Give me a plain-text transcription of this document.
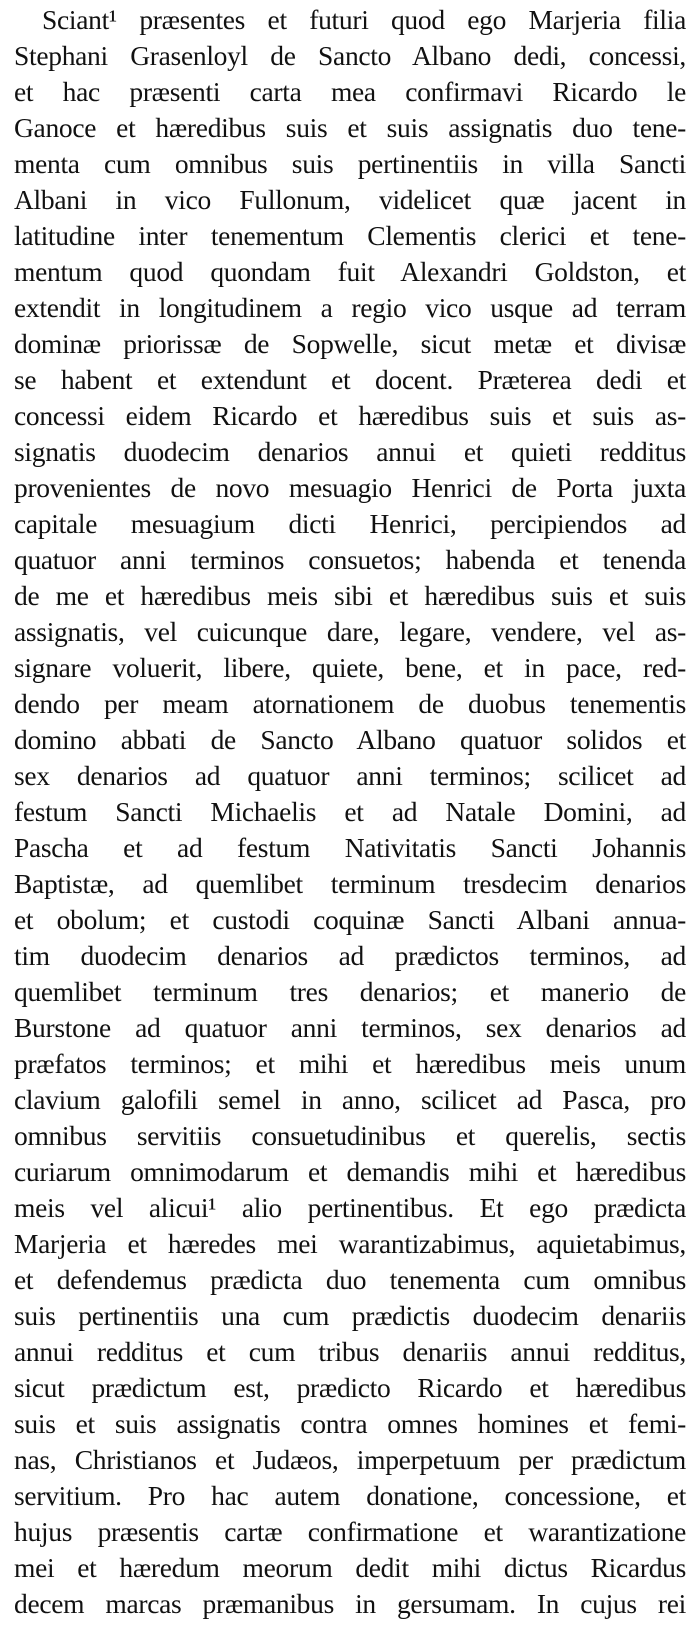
Sciant¹ præsentes et futuri quod ego Marjeria filia
Stephani Grasenloyl de Sancto Albano dedi, concessi,
et hac præsenti carta mea confirmavi Ricardo le
Ganoce et hæredibus suis et suis assignatis duo tene-
menta cum omnibus suis pertinentiis in villa Sancti
Albani in vico Fullonum, videlicet quæ jacent in
latitudine inter tenementum Clementis clerici et tene-
mentum quod quondam fuit Alexandri Goldston, et
extendit in longitudinem a regio vico usque ad terram
dominæ priorissæ de Sopwelle, sicut metæ et divisæ
se habent et extendunt et docent. Præterea dedi et
concessi eidem Ricardo et hæredibus suis et suis as-
signatis duodecim denarios annui et quieti redditus
provenientes de novo mesuagio Henrici de Porta juxta
capitale mesuagium dicti Henrici, percipiendos ad
quatuor anni terminos consuetos; habenda et tenenda
de me et hæredibus meis sibi et hæredibus suis et suis
assignatis, vel cuicunque dare, legare, vendere, vel as-
signare voluerit, libere, quiete, bene, et in pace, red-
dendo per meam atornationem de duobus tenementis
domino abbati de Sancto Albano quatuor solidos et
sex denarios ad quatuor anni terminos; scilicet ad
festum Sancti Michaelis et ad Natale Domini, ad
Pascha et ad festum Nativitatis Sancti Johannis
Baptistæ, ad quemlibet terminum tresdecim denarios
et obolum; et custodi coquinæ Sancti Albani annua-
tim duodecim denarios ad prædictos terminos, ad
quemlibet terminum tres denarios; et manerio de
Burstone ad quatuor anni terminos, sex denarios ad
præfatos terminos; et mihi et hæredibus meis unum
clavium galofili semel in anno, scilicet ad Pasca, pro
omnibus servitiis consuetudinibus et querelis, sectis
curiarum omnimodarum et demandis mihi et hæredibus
meis vel alicui¹ alio pertinentibus. Et ego prædicta
Marjeria et hæredes mei warantizabimus, aquietabimus,
et defendemus prædicta duo tenementa cum omnibus
suis pertinentiis una cum prædictis duodecim denariis
annui redditus et cum tribus denariis annui redditus,
sicut prædictum est, prædicto Ricardo et hæredibus
suis et suis assignatis contra omnes homines et femi-
nas, Christianos et Judæos, imperpetuum per prædictum
servitium. Pro hac autem donatione, concessione, et
hujus præsentis cartæ confirmatione et warantizatione
mei et hæredum meorum dedit mihi dictus Ricardus
decem marcas præmanibus in gersumam. In cujus rei
